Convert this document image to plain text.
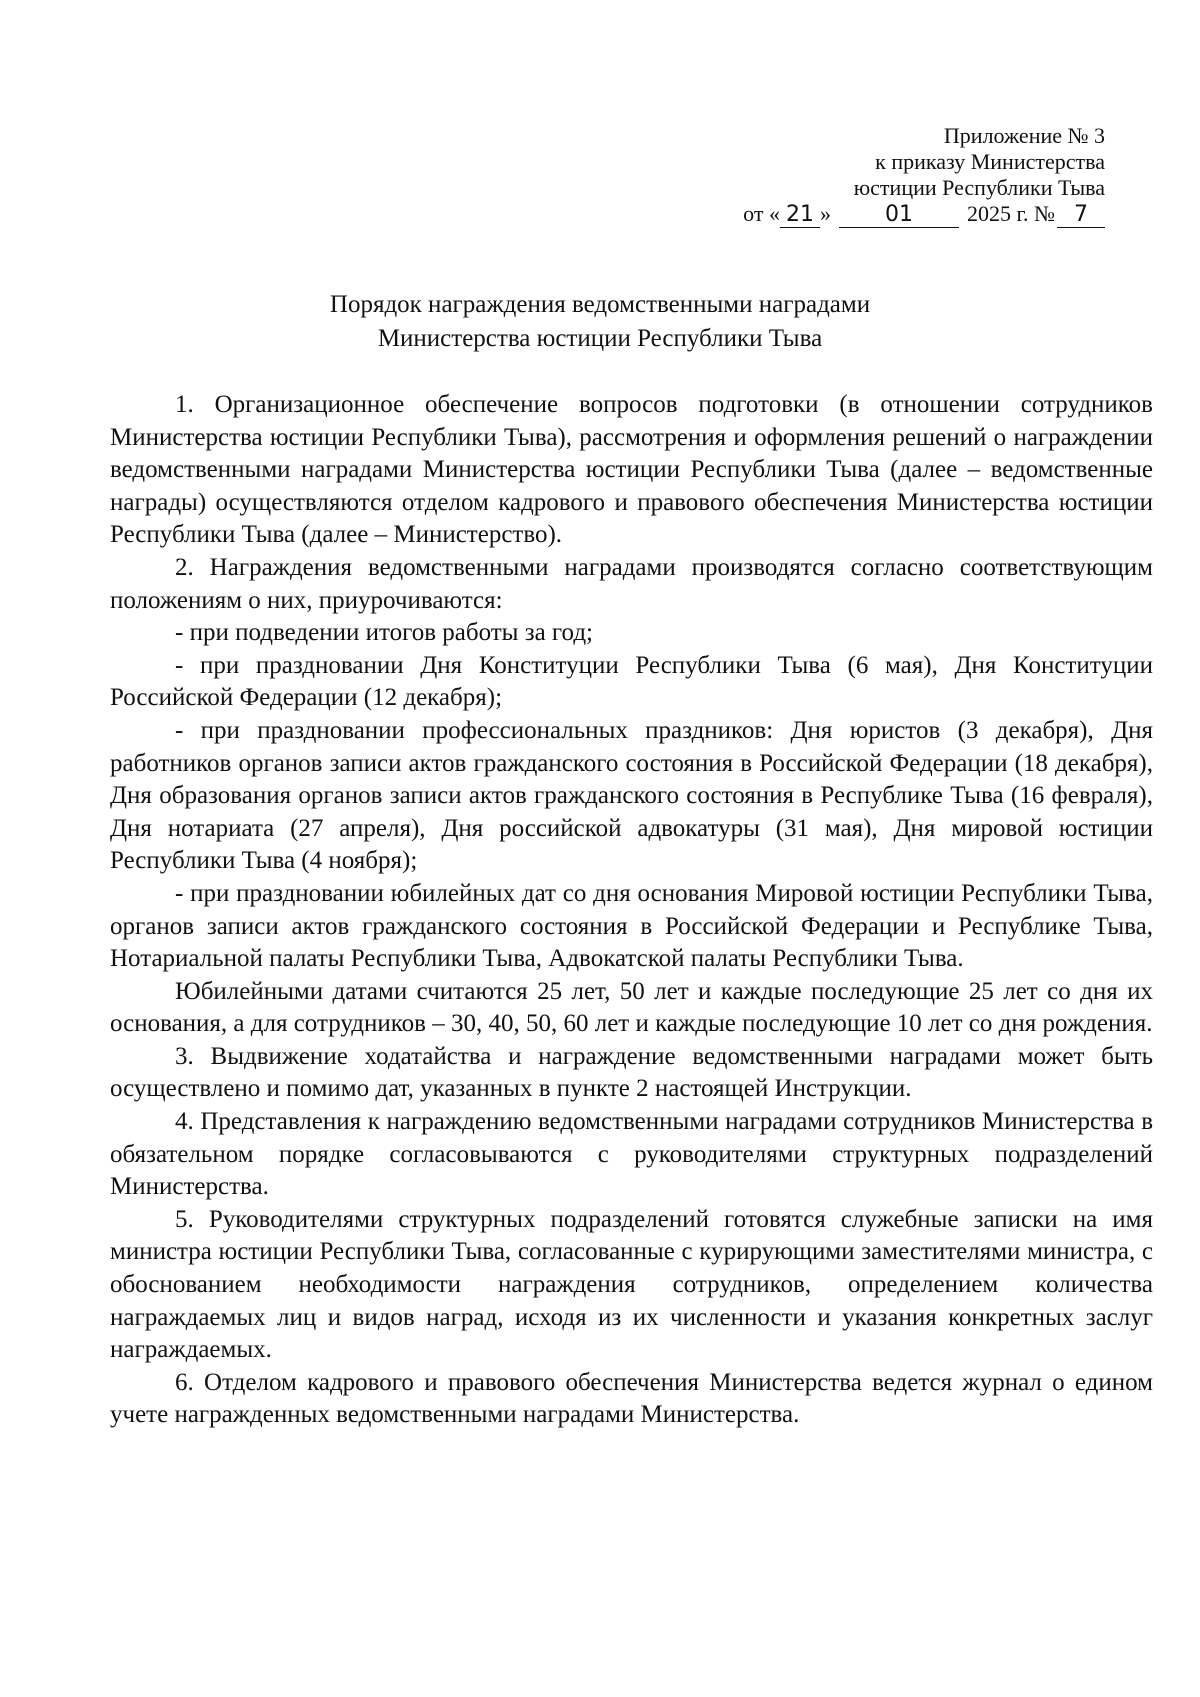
Приложение № 3
к приказу Министерства
юстиции Республики Тыва
от « 21 » 01 2025 г. № 7
Порядок награждения ведомственными наградами
Министерства юстиции Республики Тыва

1. Организационное обеспечение вопросов подготовки (в отношении сотрудников Министерства юстиции Республики Тыва), рассмотрения и оформления решений о награждении ведомственными наградами Министерства юстиции Республики Тыва (далее – ведомственные награды) осуществляются отделом кадрового и правового обеспечения Министерства юстиции Республики Тыва (далее – Министерство).

2. Награждения ведомственными наградами производятся согласно соответствующим положениям о них, приурочиваются:

- при подведении итогов работы за год;

- при праздновании Дня Конституции Республики Тыва (6 мая), Дня Конституции Российской Федерации (12 декабря);

- при праздновании профессиональных праздников: Дня юристов (3 декабря), Дня работников органов записи актов гражданского состояния в Российской Федерации (18 декабря), Дня образования органов записи актов гражданского состояния в Республике Тыва (16 февраля), Дня нотариата (27 апреля), Дня российской адвокатуры (31 мая), Дня мировой юстиции Республики Тыва (4 ноября);

- при праздновании юбилейных дат со дня основания Мировой юстиции Республики Тыва, органов записи актов гражданского состояния в Российской Федерации и Республике Тыва, Нотариальной палаты Республики Тыва, Адвокатской палаты Республики Тыва.

Юбилейными датами считаются 25 лет, 50 лет и каждые последующие 25 лет со дня их основания, а для сотрудников – 30, 40, 50, 60 лет и каждые последующие 10 лет со дня рождения.

3. Выдвижение ходатайства и награждение ведомственными наградами может быть осуществлено и помимо дат, указанных в пункте 2 настоящей Инструкции.

4. Представления к награждению ведомственными наградами сотрудников Министерства в обязательном порядке согласовываются с руководителями структурных подразделений Министерства.

5. Руководителями структурных подразделений готовятся служебные записки на имя министра юстиции Республики Тыва, согласованные с курирующими заместителями министра, с обоснованием необходимости награждения сотрудников, определением количества награждаемых лиц и видов наград, исходя из их численности и указания конкретных заслуг награждаемых.

6. Отделом кадрового и правового обеспечения Министерства ведется журнал о едином учете награжденных ведомственными наградами Министерства.
